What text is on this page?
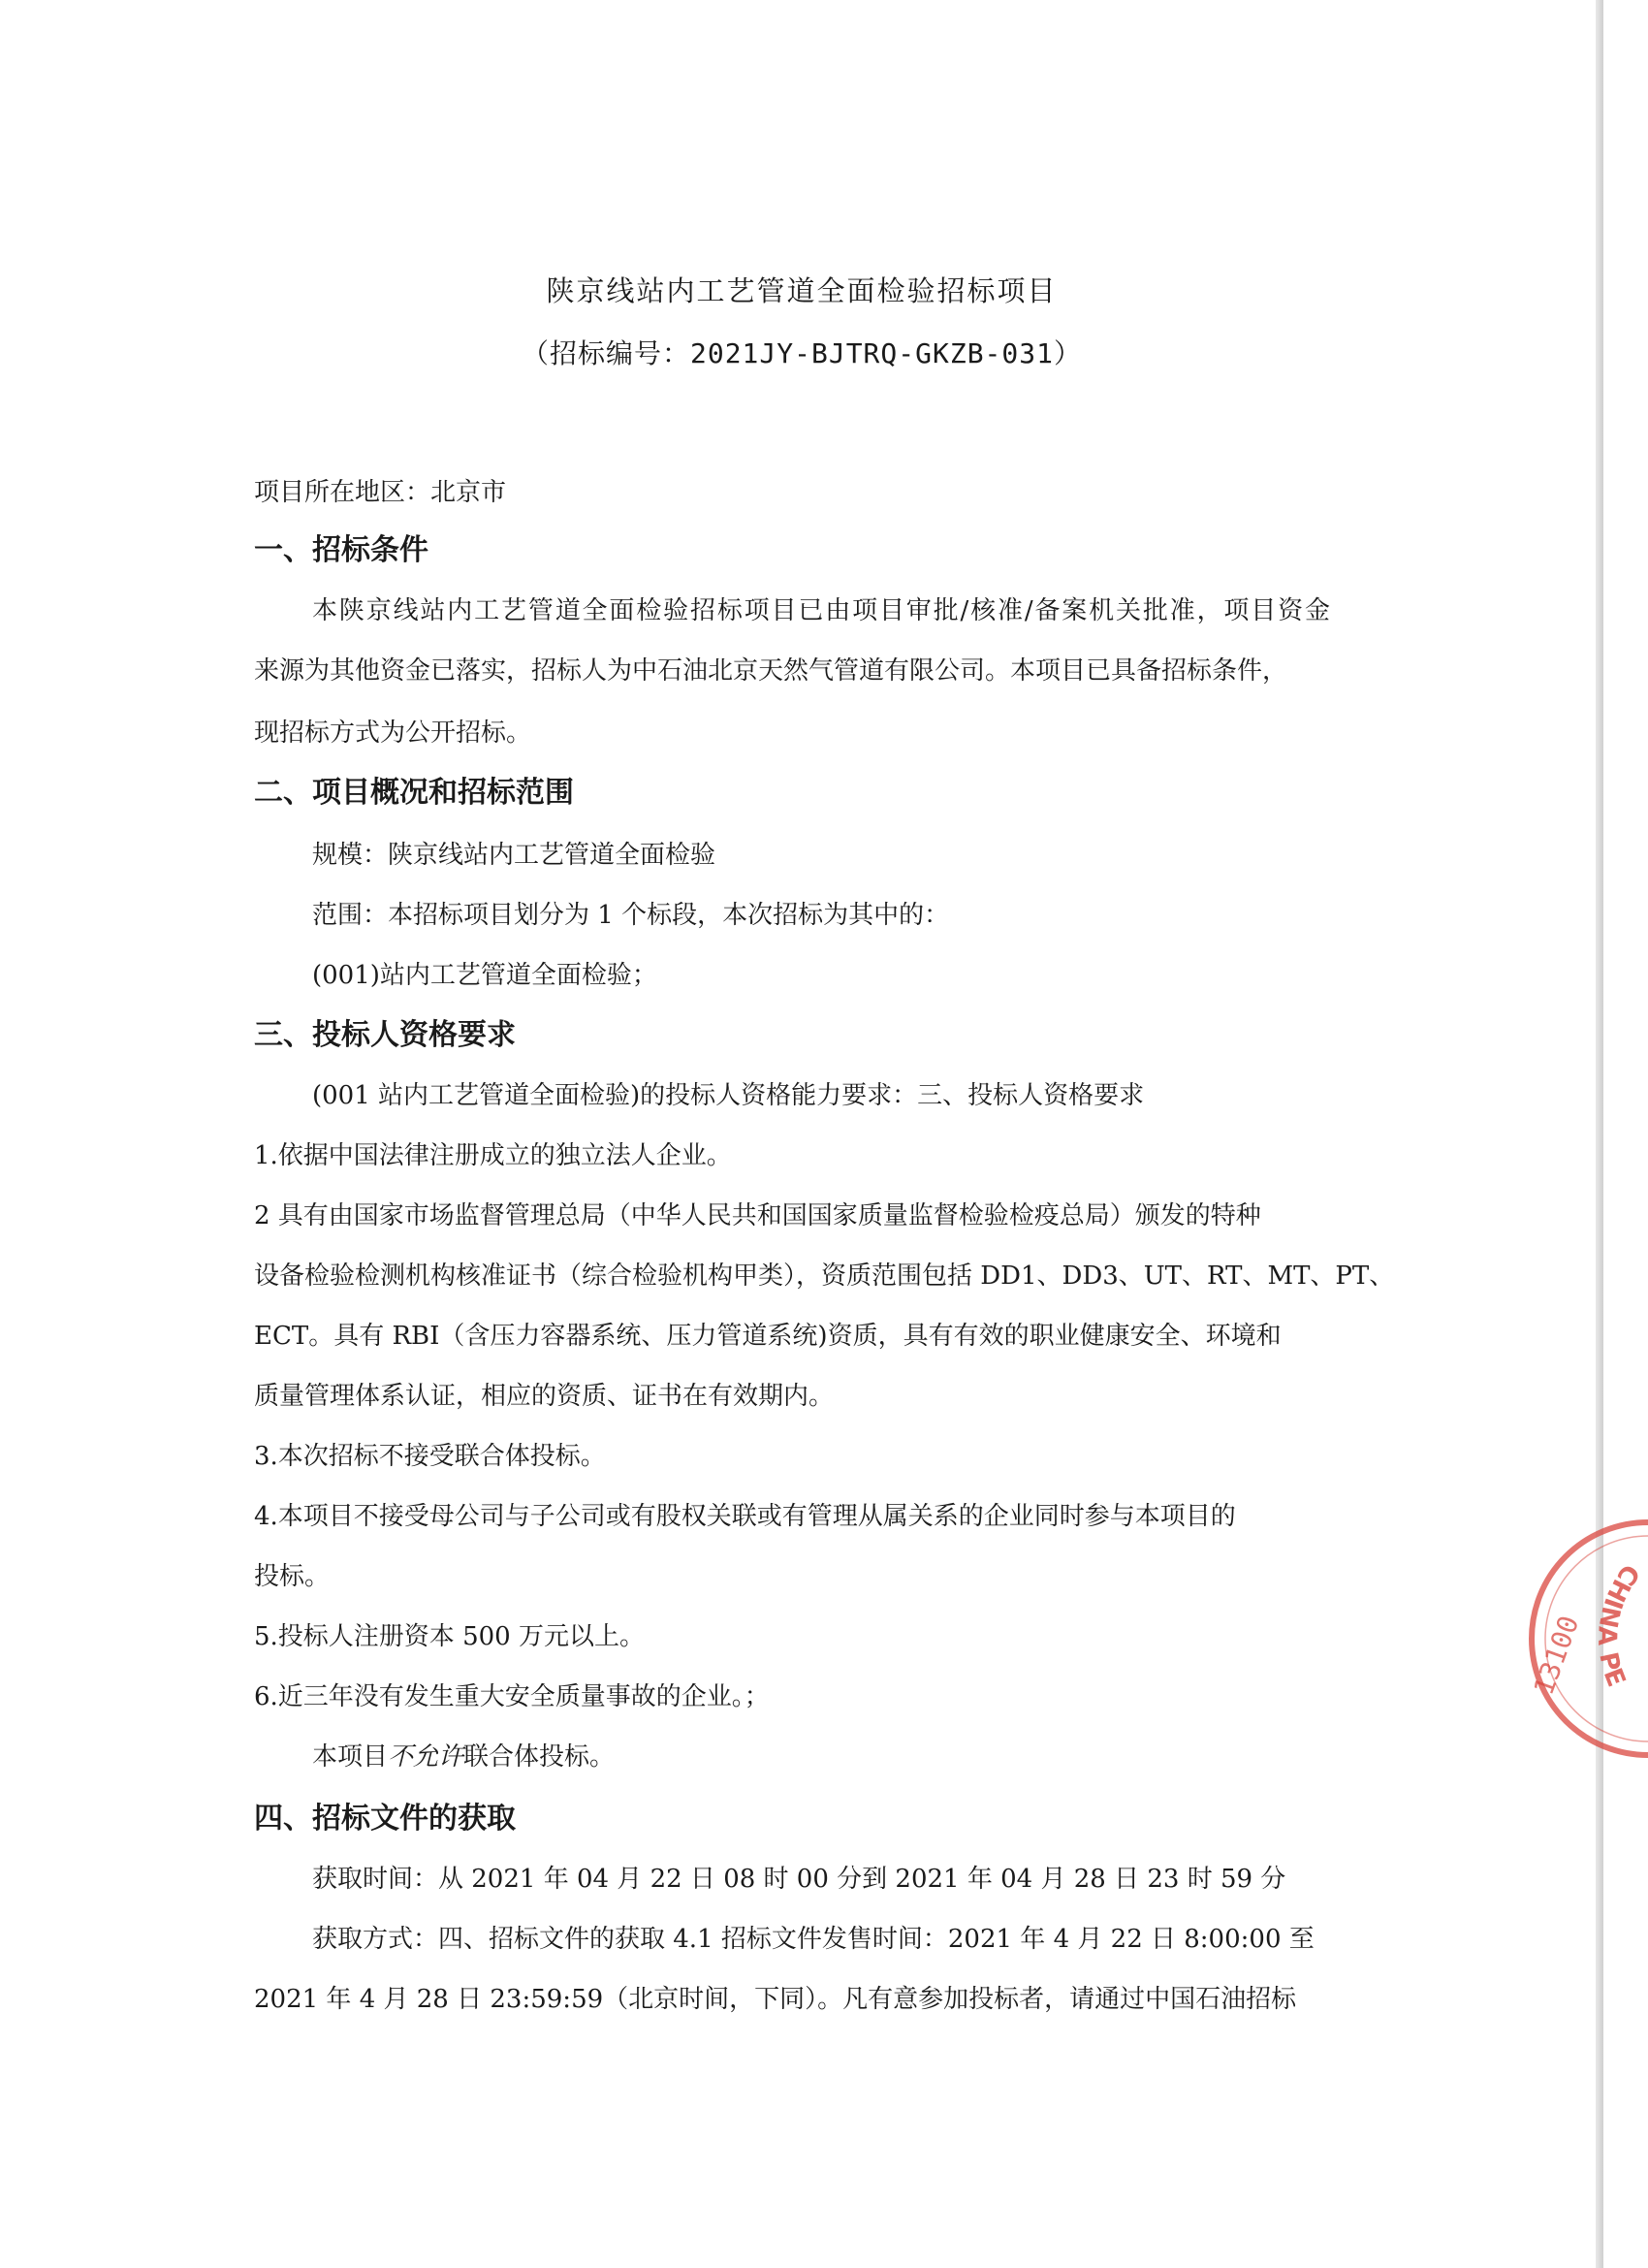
陕京线站内工艺管道全面检验招标项目
（招标编号：2021JY-BJTRQ-GKZB-031）
项目所在地区：北京市
一、招标条件
本陕京线站内工艺管道全面检验招标项目已由项目审批/核准/备案机关批准，项目资金
来源为其他资金已落实，招标人为中石油北京天然气管道有限公司。本项目已具备招标条件，
现招标方式为公开招标。
二、项目概况和招标范围
规模：陕京线站内工艺管道全面检验
范围：本招标项目划分为 1 个标段，本次招标为其中的：
(001)站内工艺管道全面检验；
三、投标人资格要求
(001 站内工艺管道全面检验)的投标人资格能力要求：三、投标人资格要求
1.依据中国法律注册成立的独立法人企业。
2 具有由国家市场监督管理总局（中华人民共和国国家质量监督检验检疫总局）颁发的特种
设备检验检测机构核准证书（综合检验机构甲类），资质范围包括 DD1、DD3、UT、RT、MT、PT、
ECT。具有 RBI（含压力容器系统、压力管道系统)资质，具有有效的职业健康安全、环境和
质量管理体系认证，相应的资质、证书在有效期内。
3.本次招标不接受联合体投标。
4.本项目不接受母公司与子公司或有股权关联或有管理从属关系的企业同时参与本项目的
投标。
5.投标人注册资本 500 万元以上。
6.近三年没有发生重大安全质量事故的企业。；
本项目不允许联合体投标。
四、招标文件的获取
获取时间：从 2021 年 04 月 22 日 08 时 00 分到 2021 年 04 月 28 日 23 时 59 分
获取方式：四、招标文件的获取 4.1 招标文件发售时间：2021 年 4 月 22 日 8:00:00 至
2021 年 4 月 28 日 23:59:59（北京时间，下同）。凡有意参加投标者，请通过中国石油招标
CHINA PE
13100
